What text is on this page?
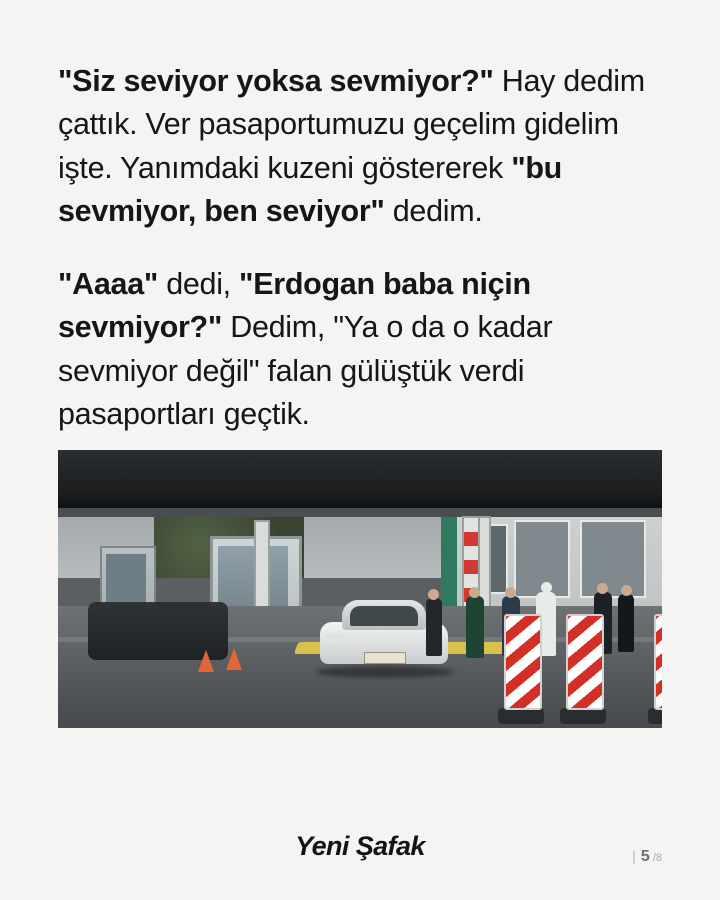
"Siz seviyor yoksa sevmiyor?" Hay dedim çattık. Ver pasaportumuzu geçelim gidelim işte. Yanımdaki kuzeni göstererek "bu sevmiyor, ben seviyor" dedim.

"Aaaa" dedi, "Erdogan baba niçin sevmiyor?" Dedim, "Ya o da o kadar sevmiyor değil" falan gülüştük verdi pasaportları geçtik.

Yeni Şafak	| 5 /8
